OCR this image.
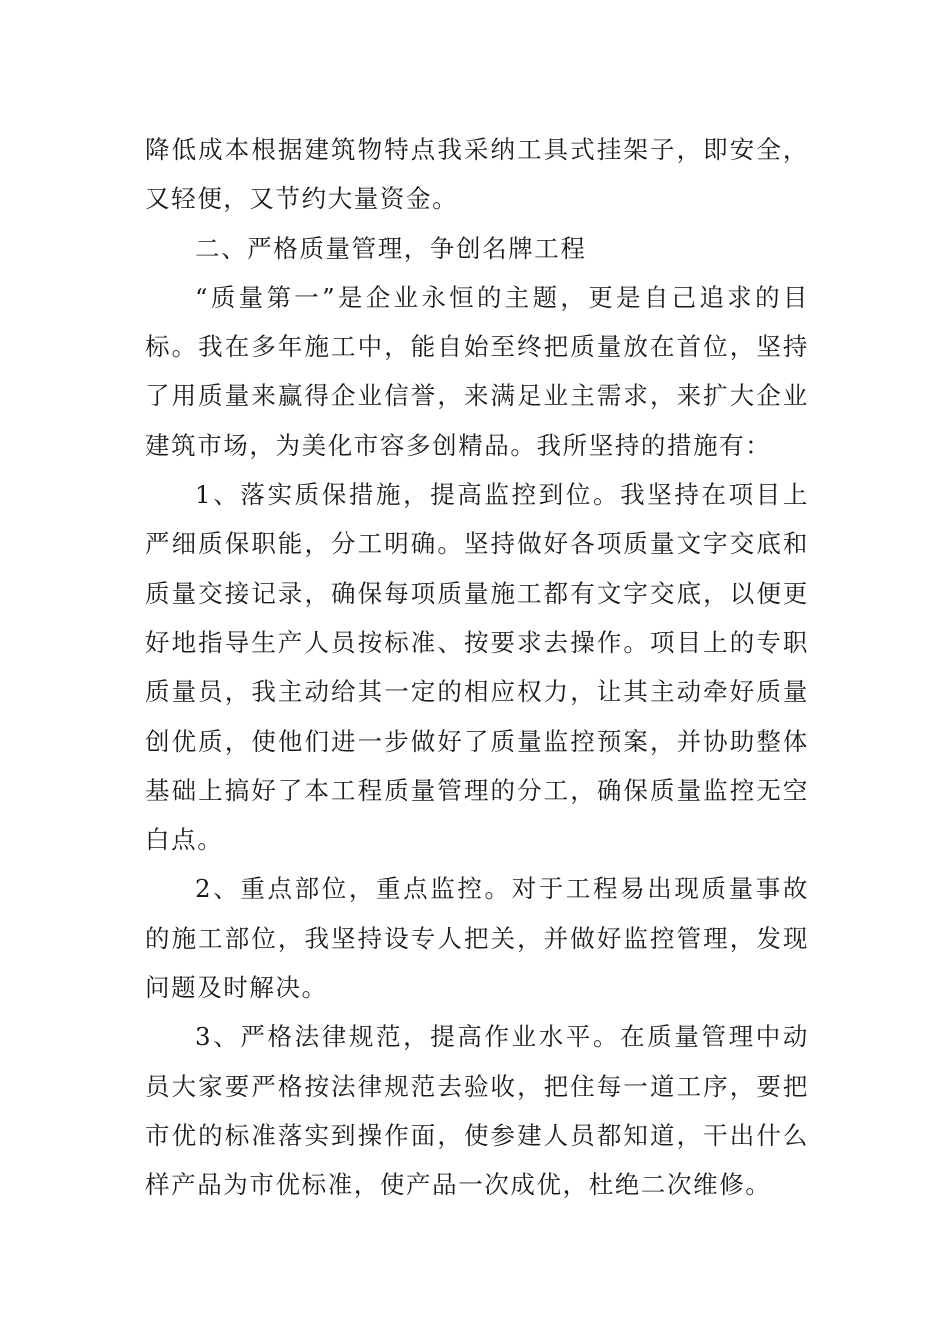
降低成本根据建筑物特点我采纳工具式挂架子，即安全，又轻便，又节约大量资金。

二、严格质量管理，争创名牌工程

“质量第一”是企业永恒的主题，更是自己追求的目标。我在多年施工中，能自始至终把质量放在首位，坚持了用质量来赢得企业信誉，来满足业主需求，来扩大企业建筑市场，为美化市容多创精品。我所坚持的措施有：

1、落实质保措施，提高监控到位。我坚持在项目上严细质保职能，分工明确。坚持做好各项质量文字交底和质量交接记录，确保每项质量施工都有文字交底，以便更好地指导生产人员按标准、按要求去操作。项目上的专职质量员，我主动给其一定的相应权力，让其主动牵好质量创优质，使他们进一步做好了质量监控预案，并协助整体基础上搞好了本工程质量管理的分工，确保质量监控无空白点。

2、重点部位，重点监控。对于工程易出现质量事故的施工部位，我坚持设专人把关，并做好监控管理，发现问题及时解决。

3、严格法律规范，提高作业水平。在质量管理中动员大家要严格按法律规范去验收，把住每一道工序，要把市优的标准落实到操作面，使参建人员都知道，干出什么样产品为市优标准，使产品一次成优，杜绝二次维修。
